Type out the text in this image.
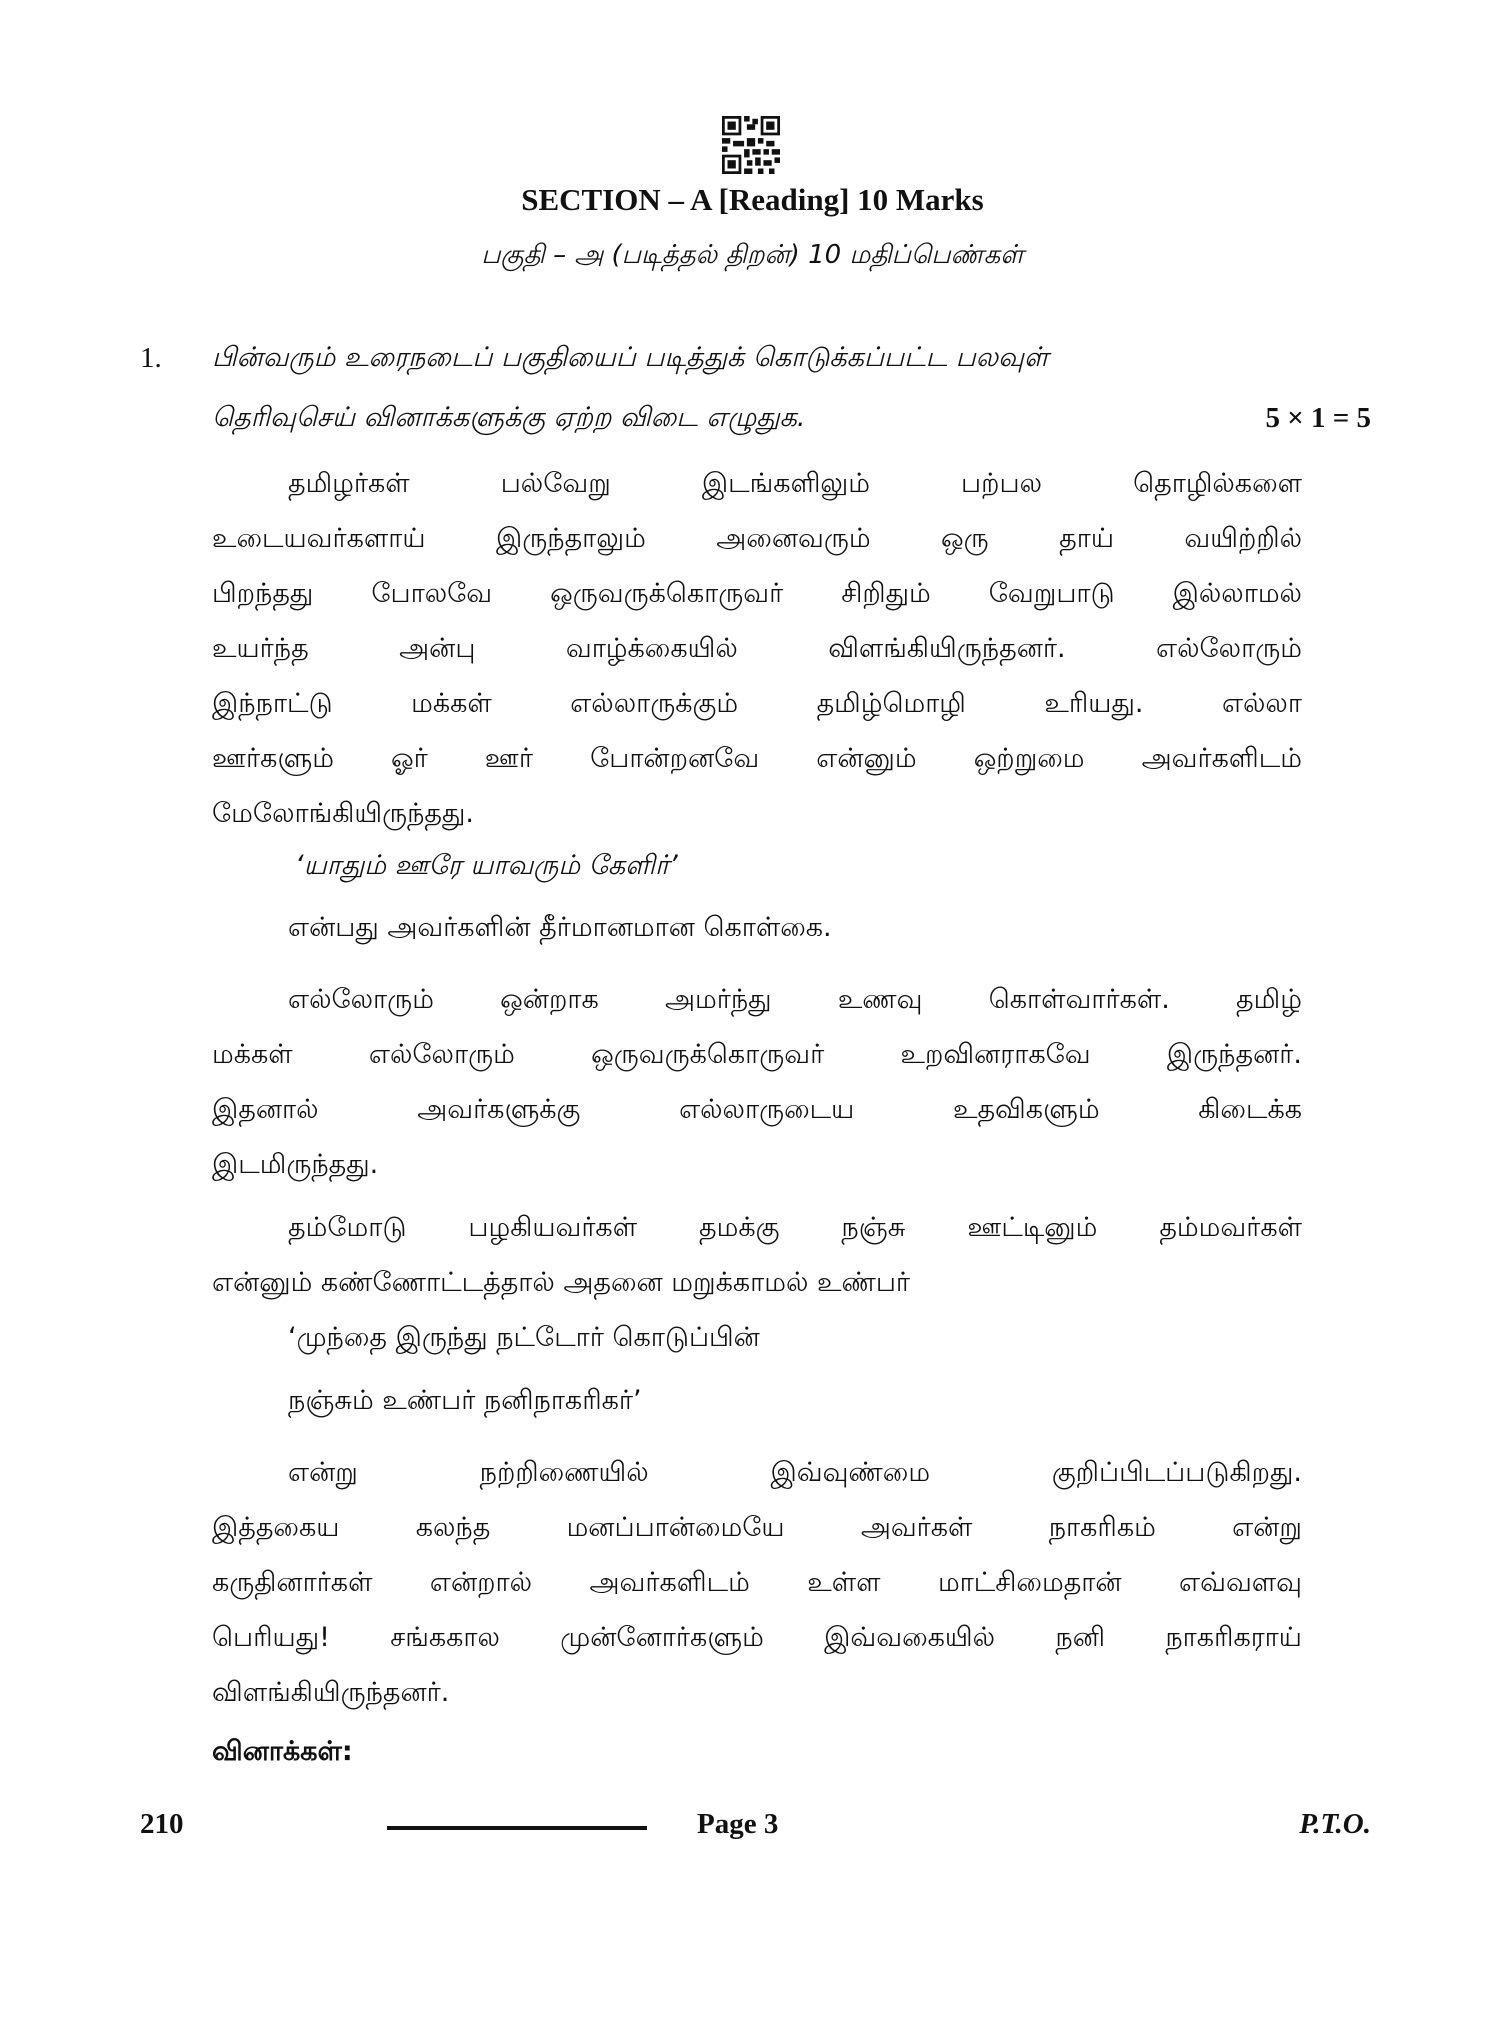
SECTION – A [Reading] 10 Marks
பகுதி – அ (படித்தல் திறன்) 10 மதிப்பெண்கள்
1. பின்வரும் உரைநடைப் பகுதியைப் படித்துக் கொடுக்கப்பட்ட பலவுள்
தெரிவுசெய் வினாக்களுக்கு ஏற்ற விடை எழுதுக.	5 × 1 = 5
தமிழர்கள்	பல்வேறு	இடங்களிலும்	பற்பல	தொழில்களை
உடையவர்களாய்	இருந்தாலும்	அனைவரும்	ஒரு	தாய்	வயிற்றில்
பிறந்தது போலவே ஒருவருக்கொருவர் சிறிதும் வேறுபாடு இல்லாமல்
உயர்ந்த	அன்பு	வாழ்க்கையில்	விளங்கியிருந்தனர்.	எல்லோரும்
இந்நாட்டு	மக்கள்	எல்லாருக்கும்	தமிழ்மொழி	உரியது.	எல்லா
ஊர்களும் ஓர் ஊர் போன்றனவே என்னும் ஒற்றுமை அவர்களிடம்
மேலோங்கியிருந்தது.
‘யாதும் ஊரே யாவரும் கேளிர்’
என்பது அவர்களின் தீர்மானமான கொள்கை.
எல்லோரும் ஒன்றாக அமர்ந்து உணவு கொள்வார்கள். தமிழ்
மக்கள்	எல்லோரும்	ஒருவருக்கொருவர்	உறவினராகவே	இருந்தனர்.
இதனால்	அவர்களுக்கு	எல்லாருடைய	உதவிகளும்	கிடைக்க
இடமிருந்தது.
தம்மோடு பழகியவர்கள் தமக்கு நஞ்சு ஊட்டினும் தம்மவர்கள்
என்னும் கண்ணோட்டத்தால் அதனை மறுக்காமல் உண்பர்
‘முந்தை இருந்து நட்டோர் கொடுப்பின்
நஞ்சும் உண்பர் நனிநாகரிகர்’
என்று	நற்றிணையில்	இவ்வுண்மை	குறிப்பிடப்படுகிறது.
இத்தகைய	கலந்த	மனப்பான்மையே	அவர்கள்	நாகரிகம்	என்று
கருதினார்கள் என்றால் அவர்களிடம் உள்ள மாட்சிமைதான் எவ்வளவு
பெரியது! சங்ககால முன்னோர்களும் இவ்வகையில் நனி நாகரிகராய்
விளங்கியிருந்தனர்.
வினாக்கள்:
210	Page 3	P.T.O.
